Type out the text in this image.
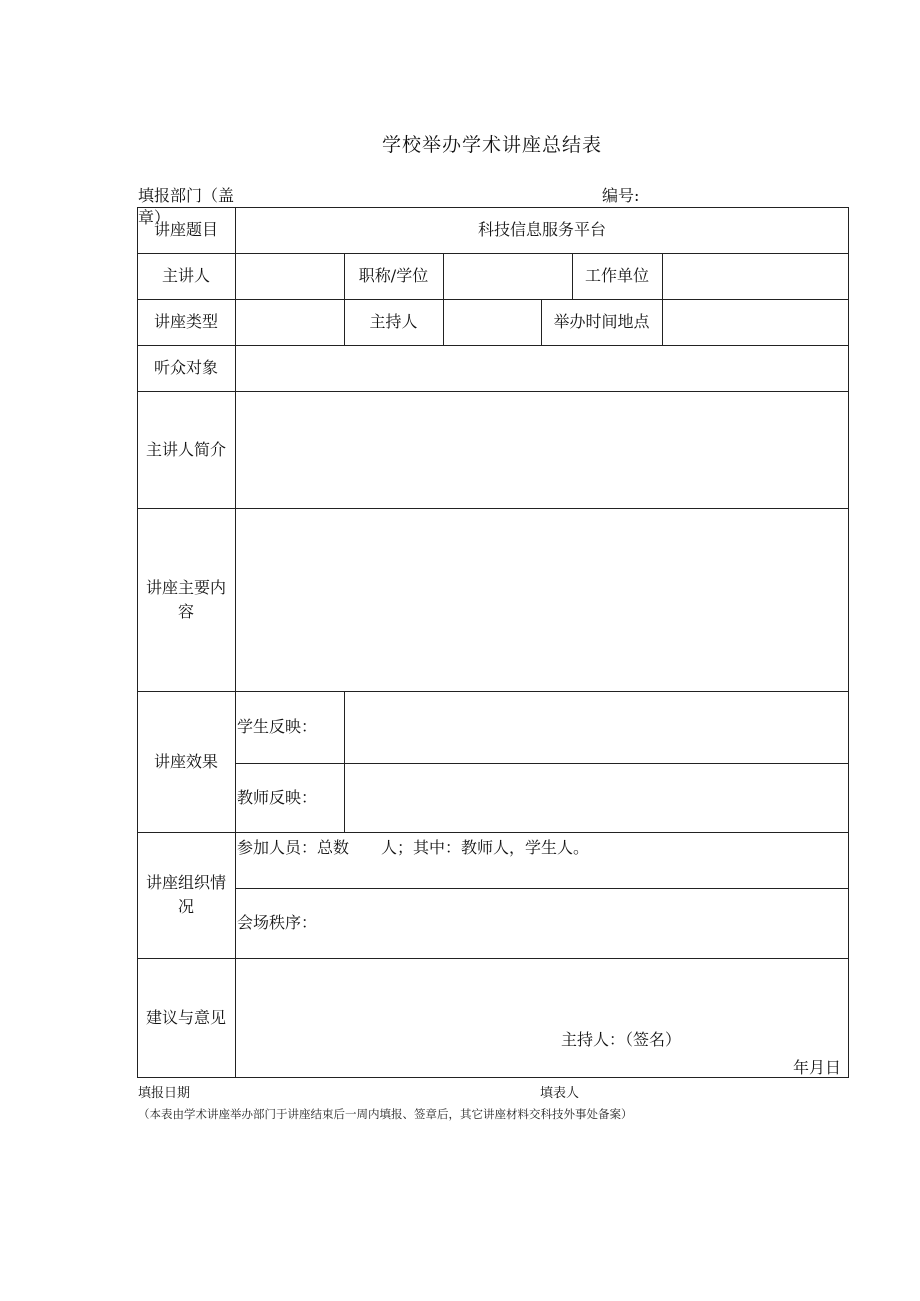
学校举办学术讲座总结表
填报部门（盖
章）
编号:
讲座题目	科技信息服务平台
主讲人	职称/学位	工作单位
讲座类型	主持人	举办时间地点
听众对象
主讲人简介
讲座主要内容
讲座效果
学生反映：
教师反映：
讲座组织情况
参加人员：总数　　人；其中：教师人，学生人。
会场秩序：
建议与意见
主持人：（签名）
年月日
填报日期	填表人
（本表由学术讲座举办部门于讲座结束后一周内填报、签章后，其它讲座材料交科技外事处备案）
